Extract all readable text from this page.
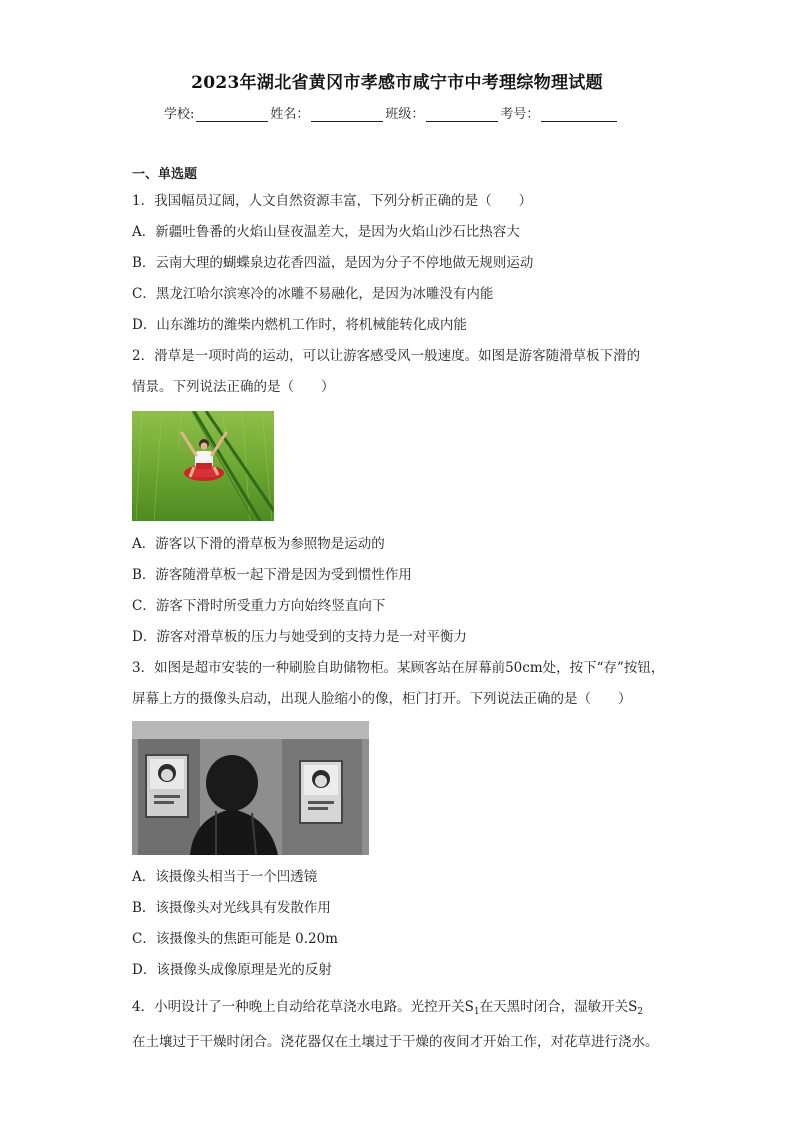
2023年湖北省黄冈市孝感市咸宁市中考理综物理试题
学校:	姓名：	班级：	考号：
一、单选题
1．我国幅员辽阔，人文自然资源丰富，下列分析正确的是（　　）
A．新疆吐鲁番的火焰山昼夜温差大，是因为火焰山沙石比热容大
B．云南大理的蝴蝶泉边花香四溢，是因为分子不停地做无规则运动
C．黑龙江哈尔滨寒冷的冰雕不易融化，是因为冰雕没有内能
D．山东潍坊的潍柴内燃机工作时，将机械能转化成内能
2．滑草是一项时尚的运动，可以让游客感受风一般速度。如图是游客随滑草板下滑的
情景。下列说法正确的是（　　）
A．游客以下滑的滑草板为参照物是运动的
B．游客随滑草板一起下滑是因为受到惯性作用
C．游客下滑时所受重力方向始终竖直向下
D．游客对滑草板的压力与她受到的支持力是一对平衡力
3．如图是超市安装的一种刷脸自助储物柜。某顾客站在屏幕前50cm处，按下“存”按钮，
屏幕上方的摄像头启动，出现人脸缩小的像，柜门打开。下列说法正确的是（　　）
A．该摄像头相当于一个凹透镜
B．该摄像头对光线具有发散作用
C．该摄像头的焦距可能是 0.20m
D．该摄像头成像原理是光的反射
4．小明设计了一种晚上自动给花草浇水电路。光控开关$S_1$在天黑时闭合，湿敏开关$S_2$
在土壤过于干燥时闭合。浇花器仅在土壤过于干燥的夜间才开始工作，对花草进行浇水。
